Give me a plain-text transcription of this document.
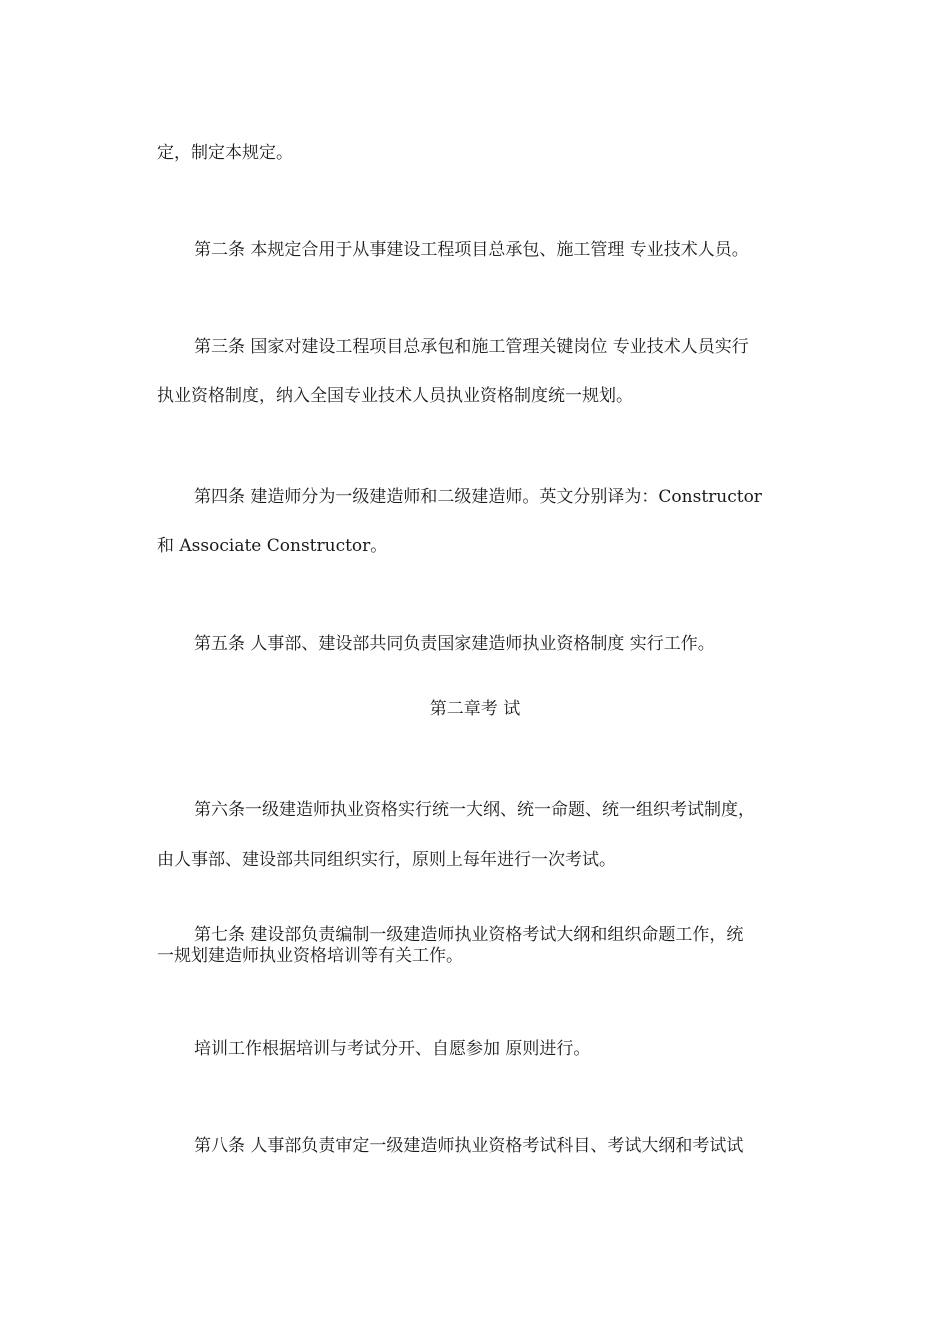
定，制定本规定。
第二条 本规定合用于从事建设工程项目总承包、施工管理 专业技术人员。
第三条 国家对建设工程项目总承包和施工管理关键岗位 专业技术人员实行
执业资格制度，纳入全国专业技术人员执业资格制度统一规划。
第四条 建造师分为一级建造师和二级建造师。英文分别译为：Constructor
和 Associate Constructor。
第五条 人事部、建设部共同负责国家建造师执业资格制度 实行工作。
第二章考 试
第六条一级建造师执业资格实行统一大纲、统一命题、统一组织考试制度，
由人事部、建设部共同组织实行，原则上每年进行一次考试。
第七条 建设部负责编制一级建造师执业资格考试大纲和组织命题工作，统
一规划建造师执业资格培训等有关工作。
培训工作根据培训与考试分开、自愿参加 原则进行。
第八条 人事部负责审定一级建造师执业资格考试科目、考试大纲和考试试
